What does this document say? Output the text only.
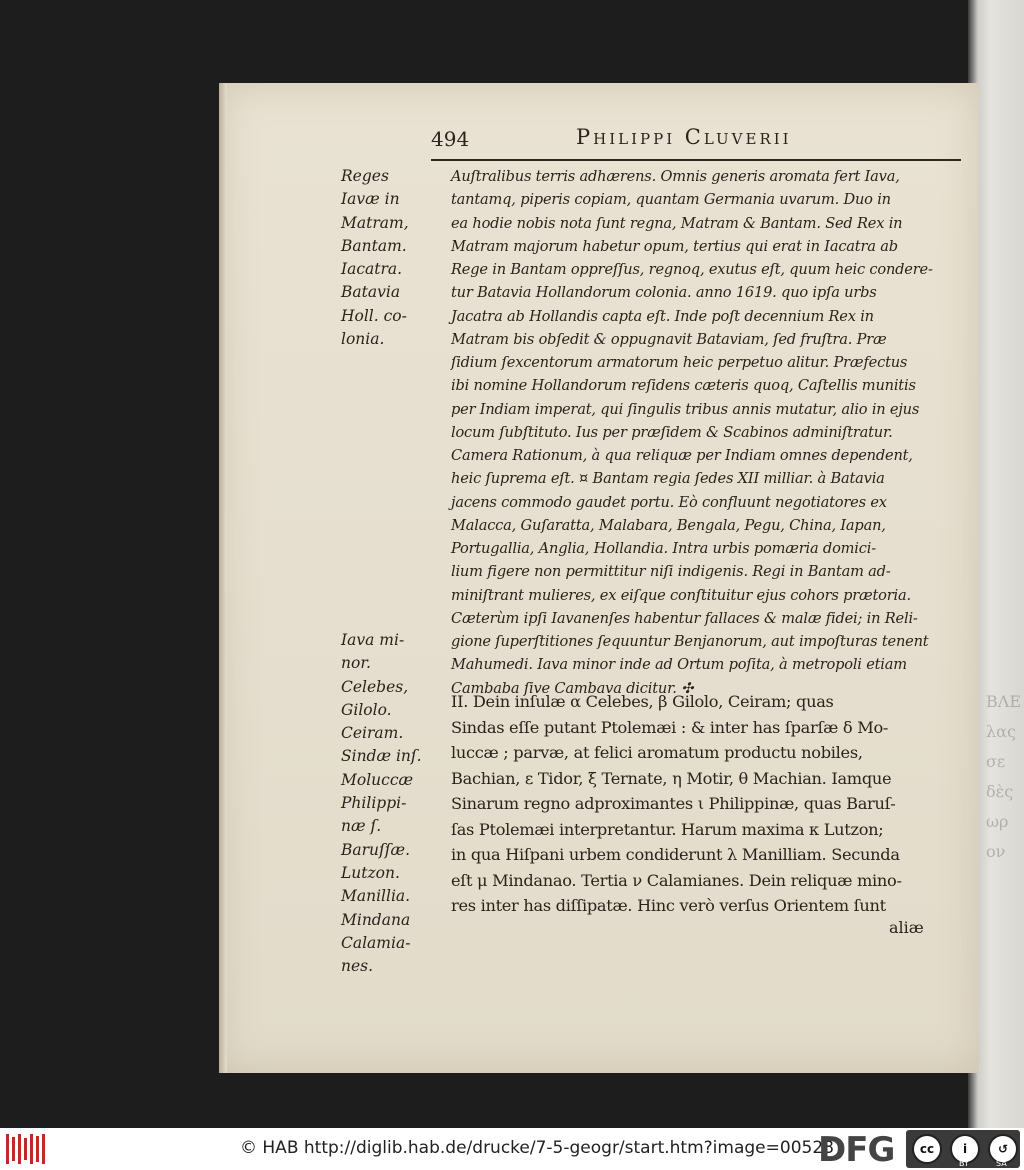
ΒΛΕ
λας
σε
δὲς
ωρ
ον
494	Philippi Cluverii
Reges
Iavæ in
Matram,
Bantam.
Iacatra.
Batavia
Holl. co-
lonia.
Iava mi-
nor.
Celebes,
Gilolo.
Ceiram.
Sindæ inſ.
Moluccæ
Philippi-
næ ſ.
Baruſſæ.
Lutzon.
Manillia.
Mindana
Calamia-
nes.
Auſtralibus terris adhærens. Omnis generis aromata fert Iava,
tantamq, piperis copiam, quantam Germania uvarum. Duo in
ea hodie nobis nota ſunt regna, Matram & Bantam. Sed Rex in
Matram majorum habetur opum, tertius qui erat in Iacatra ab
Rege in Bantam oppreſſus, regnoq, exutus eſt, quum heic condere-
tur Batavia Hollandorum colonia. anno 1619. quo ipſa urbs
Jacatra ab Hollandis capta eſt. Inde poſt decennium Rex in
Matram bis obſedit & oppugnavit Bataviam, ſed fruſtra. Præ
ſidium ſexcentorum armatorum heic perpetuo alitur. Præfectus
ibi nomine Hollandorum reſidens cæteris quoq, Caſtellis munitis
per Indiam imperat, qui ſingulis tribus annis mutatur, alio in ejus
locum ſubſtituto. Ius per præſidem & Scabinos adminiſtratur.
Camera Rationum, à qua reliquæ per Indiam omnes dependent,
heic ſuprema eſt. ¤ Bantam regia ſedes XII milliar. à Batavia
jacens commodo gaudet portu. Eò confluunt negotiatores ex
Malacca, Guſaratta, Malabara, Bengala, Pegu, China, Iapan,
Portugallia, Anglia, Hollandia. Intra urbis pomæria domici-
lium figere non permittitur niſi indigenis. Regi in Bantam ad-
miniſtrant mulieres, ex eiſque conſtituitur ejus cohors prætoria.
Cæterùm ipſi Iavanenſes habentur fallaces & malæ fidei; in Reli-
gione ſuperſtitiones ſequuntur Benjanorum, aut impoſturas tenent
Mahumedi. Iava minor inde ad Ortum poſita, à metropoli etiam
Cambaba ſive Cambava dicitur. ✣
II. Dein inſulæ α Celebes, β Gilolo, Ceiram; quas
Sindas eſſe putant Ptolemæi : & inter has ſparſæ δ Mo-
luccæ ; parvæ, at felici aromatum productu nobiles,
Bachian, ε Tidor, ξ Ternate, η Motir, θ Machian. Iamque
Sinarum regno adproximantes ι Philippinæ, quas Baruſ-
ſas Ptolemæi interpretantur. Harum maxima κ Lutzon;
in qua Hiſpani urbem condiderunt λ Manilliam. Secunda
eſt μ Mindanao. Tertia ν Calamianes. Dein reliquæ mino-
res inter has diſſipatæ. Hinc verò verſus Orientem ſunt
aliæ
© HAB http://diglib.hab.de/drucke/7-5-geogr/start.htm?image=00528
DFG	cc	i	↺
BY	SA
